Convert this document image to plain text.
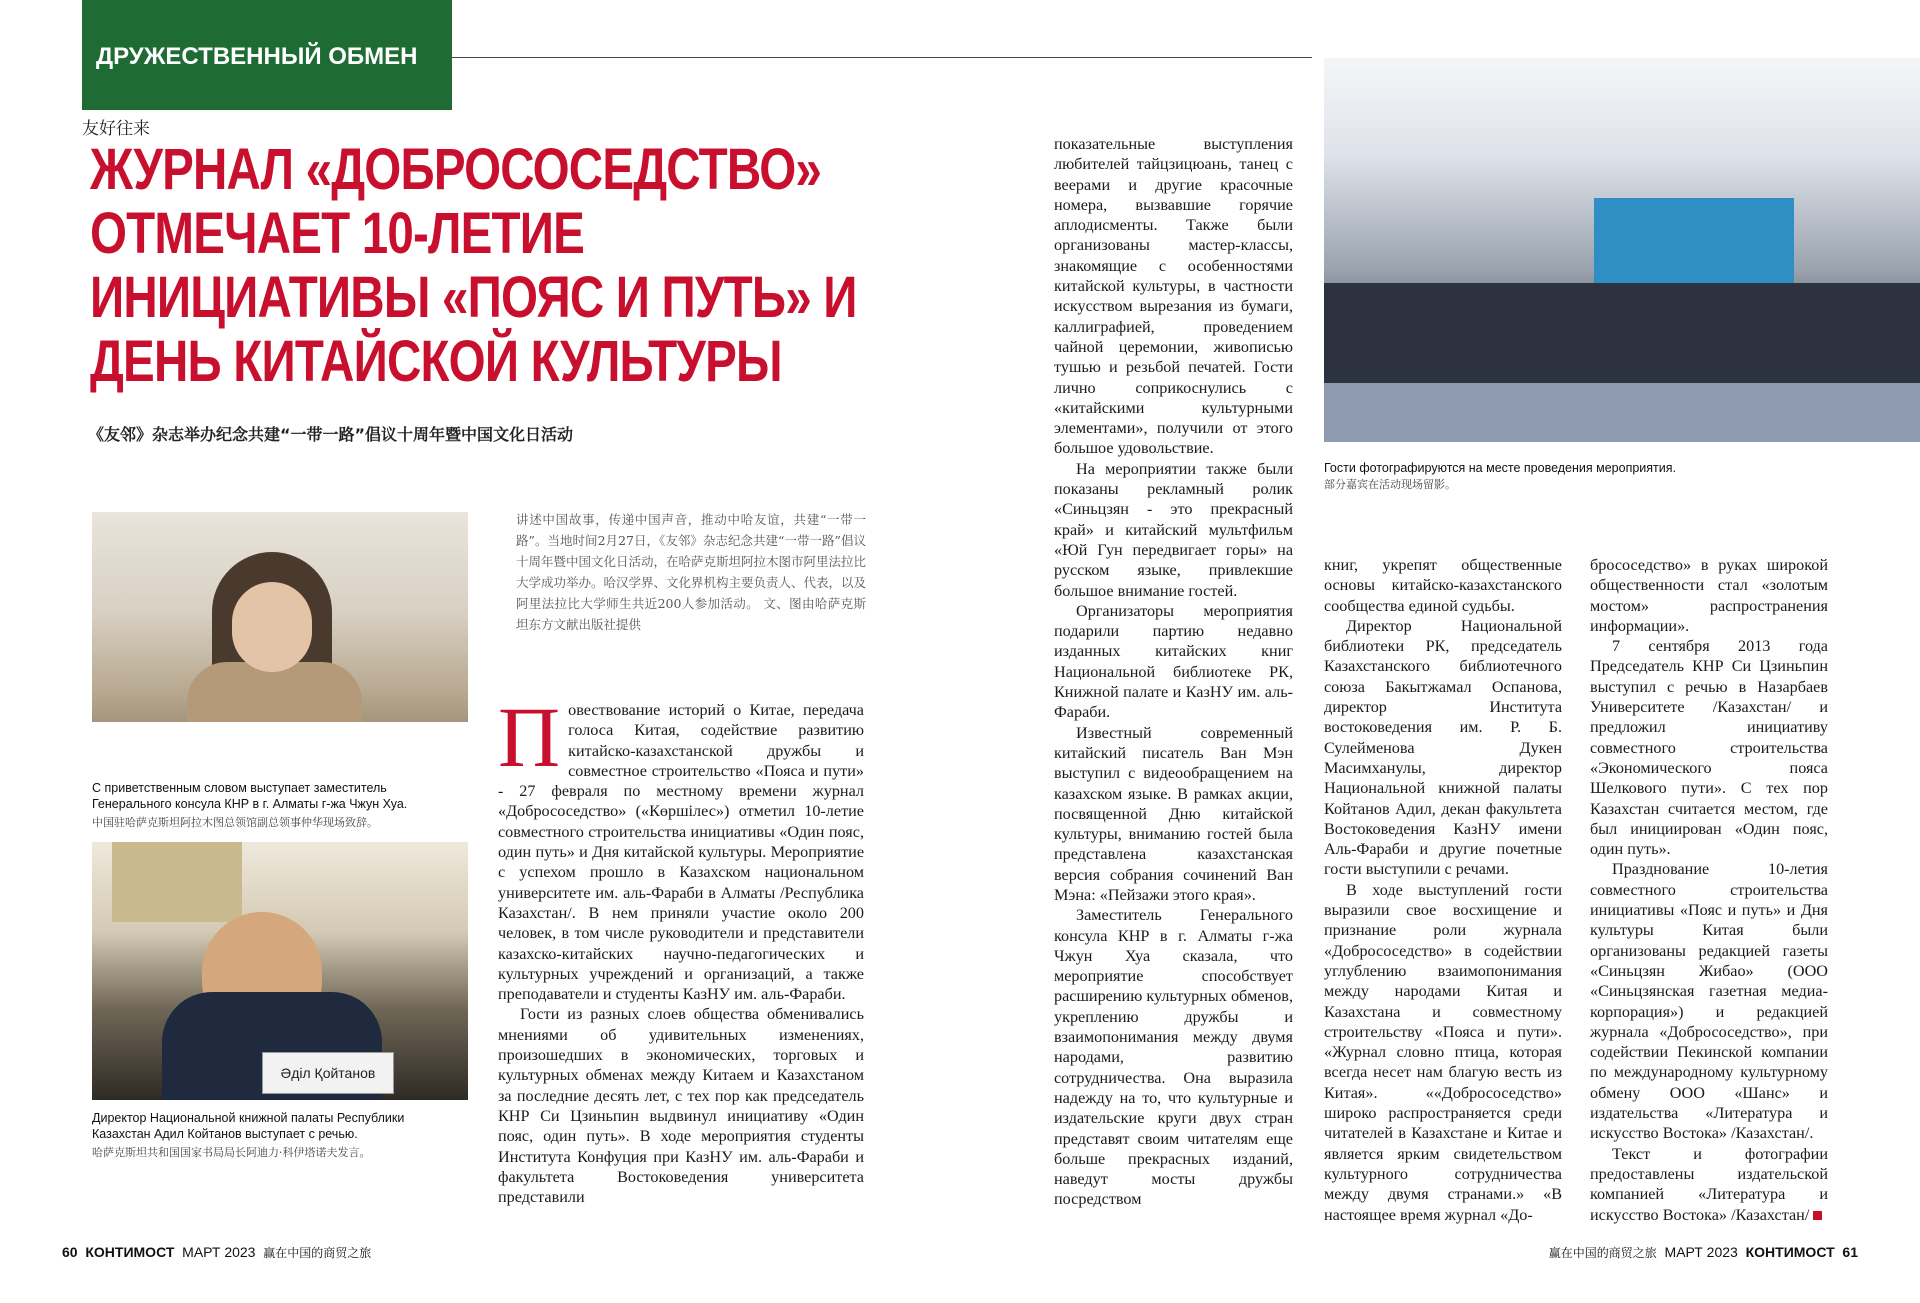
ДРУЖЕСТВЕННЫЙ ОБМЕН
友好往来
ЖУРНАЛ «ДОБРОСОСЕДСТВО» ОТМЕЧАЕТ 10-ЛЕТИЕ ИНИЦИАТИВЫ «ПОЯС И ПУТЬ» И ДЕНЬ КИТАЙСКОЙ КУЛЬТУРЫ
《友邻》杂志举办纪念共建“一带一路”倡议十周年暨中国文化日活动
С приветственным словом выступает заместитель Генерального консула КНР в г. Алматы г-жа Чжун Хуа.
中国驻哈萨克斯坦阿拉木图总领馆副总领事仲华现场致辞。
Әділ Қойтанов
Директор Национальной книжной палаты Республики Казахстан Адил Койтанов выступает с речью.
哈萨克斯坦共和国国家书局局长阿迪力·科伊塔诺夫发言。
讲述中国故事，传递中国声音，推动中哈友谊，共建“一带一路”。当地时间2月27日，《友邻》杂志纪念共建“一带一路”倡议十周年暨中国文化日活动，在哈萨克斯坦阿拉木图市阿里法拉比大学成功举办。哈汉学界、文化界机构主要负责人、代表，以及阿里法拉比大学师生共近200人参加活动。 文、图由哈萨克斯坦东方文献出版社提供

Повествование историй о Китае, передача голоса Китая, содействие развитию китайско-казахстанской дружбы и совместное строительство «Пояса и пути» - 27 февраля по местному времени журнал «Добрососедство» («Көршілес») отметил 10-летие совместного строительства инициативы «Один пояс, один путь» и Дня китайской культуры. Мероприятие с успехом прошло в Казахском национальном университете им. аль-Фараби в Алматы /Республика Казахстан/. В нем приняли участие около 200 человек, в том числе руководители и представители казахско-китайских научно-педагогических и культурных учреждений и организаций, а также преподаватели и студенты КазНУ им. аль-Фараби.

Гости из разных слоев общества обменивались мнениями об удивительных изменениях, произошедших в экономических, торговых и культурных обменах между Китаем и Казахстаном за последние десять лет, с тех пор как председатель КНР Си Цзиньпин выдвинул инициативу «Один пояс, один путь». В ходе мероприятия студенты Института Конфуция при КазНУ им. аль-Фараби и факультета Востоковедения университета представили

Гости фотографируются на месте проведения мероприятия.
部分嘉宾在活动现场留影。

показательные выступления любителей тайцзицюань, танец с веерами и другие красочные номера, вызвавшие горячие аплодисменты. Также были организованы мастер-классы, знакомящие с особенностями китайской культуры, в частности искусством вырезания из бумаги, каллиграфией, проведением чайной церемонии, живописью тушью и резьбой печатей. Гости лично соприкоснулись с «китайскими культурными элементами», получили от этого большое удовольствие.

На мероприятии также были показаны рекламный ролик «Синьцзян - это прекрасный край» и китайский мультфильм «Юй Гун передвигает горы» на русском языке, привлекшие большое внимание гостей.

Организаторы мероприятия подарили партию недавно изданных китайских книг Национальной библиотеке РК, Книжной палате и КазНУ им. аль-Фараби.

Известный современный китайский писатель Ван Мэн выступил с видеообращением на казахском языке. В рамках акции, посвященной Дню китайской культуры, вниманию гостей была представлена казахстанская версия собрания сочинений Ван Мэна: «Пейзажи этого края».

Заместитель Генерального консула КНР в г. Алматы г-жа Чжун Хуа сказала, что мероприятие способствует расширению культурных обменов, укреплению дружбы и взаимопонимания между двумя народами, развитию сотрудничества. Она выразила надежду на то, что культурные и издательские круги двух стран представят своим читателям еще больше прекрасных изданий, наведут мосты дружбы посредством

книг, укрепят общественные основы китайско-казахстанского сообщества единой судьбы.

Директор Национальной библиотеки РК, председатель Казахстанского библиотечного союза Бакытжамал Оспанова, директор Института востоковедения им. Р. Б. Сулейменова Дукен Масимханулы, директор Национальной книжной палаты Койтанов Адил, декан факультета Востоковедения КазНУ имени Аль-Фараби и другие почетные гости выступили с речами.

В ходе выступлений гости выразили свое восхищение и признание роли журнала «Добрососедство» в содействии углублению взаимопонимания между народами Китая и Казахстана и совместному строительству «Пояса и пути». «Журнал словно птица, которая всегда несет нам благую весть из Китая». ««Добрососедство» широко распространяется среди читателей в Казахстане и Китае и является ярким свидетельством культурного сотрудничества между двумя странами.» «В настоящее время журнал «До-

брососедство» в руках широкой общественности стал «золотым мостом» распространения информации».

7 сентября 2013 года Председатель КНР Си Цзиньпин выступил с речью в Назарбаев Университете /Казахстан/ и предложил инициативу совместного строительства «Экономического пояса Шелкового пути». С тех пор Казахстан считается местом, где был инициирован «Один пояс, один путь».

Празднование 10-летия совместного строительства инициативы «Пояс и путь» и Дня культуры Китая были организованы редакцией газеты «Синьцзян Жибао» (ООО «Синьцзянская газетная медиа-корпорация») и редакцией журнала «Добрососедство», при содействии Пекинской компании по международному культурному обмену ООО «Шанс» и издательства «Литература и искусство Востока» /Казахстан/.

Текст и фотографии предоставлены издательской компанией «Литература и искусство Востока» /Казахстан/

60 КОНТИМОСТ МАРТ 2023 赢在中国的商贸之旅	赢在中国的商贸之旅 МАРТ 2023 КОНТИМОСТ 61
